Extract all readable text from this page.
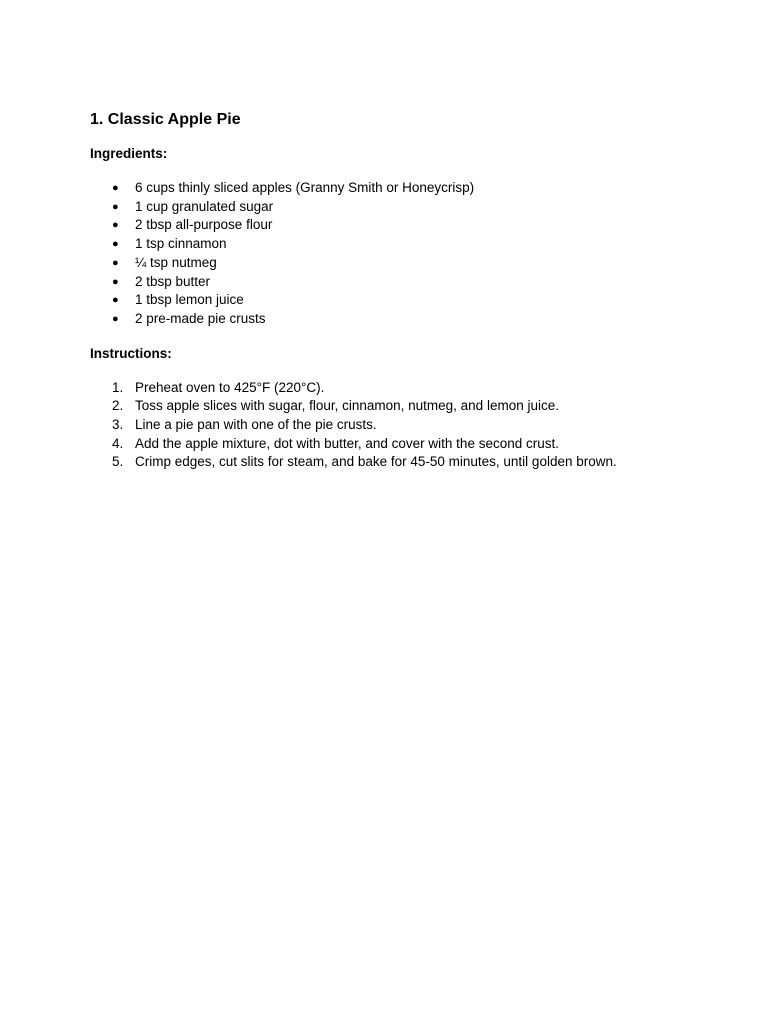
1. Classic Apple Pie

Ingredients:

● 6 cups thinly sliced apples (Granny Smith or Honeycrisp)
● 1 cup granulated sugar
● 2 tbsp all-purpose flour
● 1 tsp cinnamon
● ¼ tsp nutmeg
● 2 tbsp butter
● 1 tbsp lemon juice
● 2 pre-made pie crusts

Instructions:

1. Preheat oven to 425°F (220°C).
2. Toss apple slices with sugar, flour, cinnamon, nutmeg, and lemon juice.
3. Line a pie pan with one of the pie crusts.
4. Add the apple mixture, dot with butter, and cover with the second crust.
5. Crimp edges, cut slits for steam, and bake for 45-50 minutes, until golden brown.
